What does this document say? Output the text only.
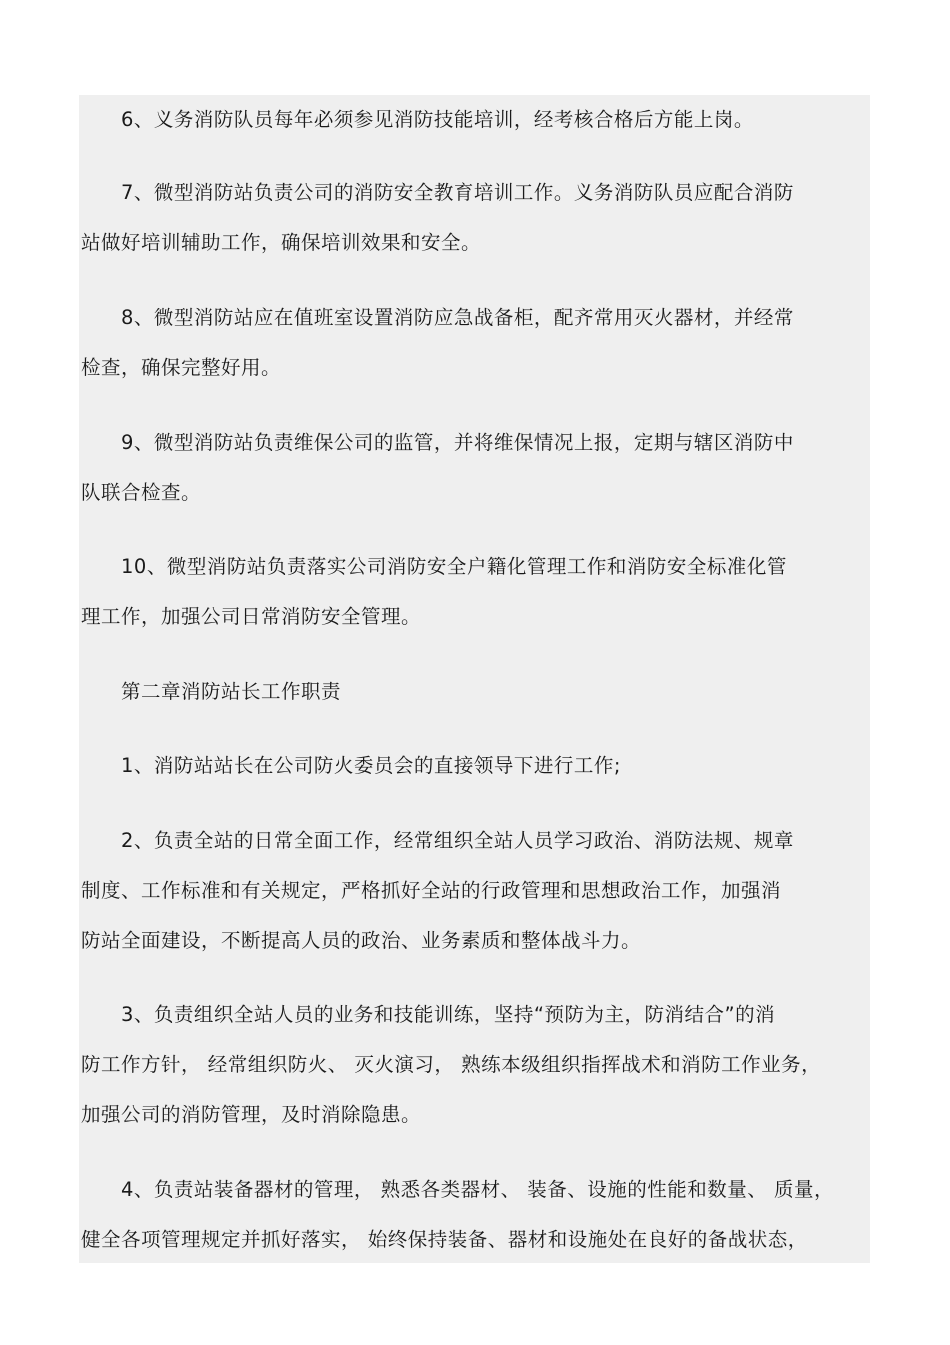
6、义务消防队员每年必须参见消防技能培训，经考核合格后方能上岗。

7、微型消防站负责公司的消防安全教育培训工作。义务消防队员应配合消防
站做好培训辅助工作，确保培训效果和安全。

8、微型消防站应在值班室设置消防应急战备柜，配齐常用灭火器材，并经常
检查，确保完整好用。

9、微型消防站负责维保公司的监管，并将维保情况上报，定期与辖区消防中
队联合检查。

10、微型消防站负责落实公司消防安全户籍化管理工作和消防安全标准化管
理工作，加强公司日常消防安全管理。

第二章消防站长工作职责

1、消防站站长在公司防火委员会的直接领导下进行工作;

2、负责全站的日常全面工作，经常组织全站人员学习政治、消防法规、规章
制度、工作标准和有关规定，严格抓好全站的行政管理和思想政治工作，加强消
防站全面建设，不断提高人员的政治、业务素质和整体战斗力。

3、负责组织全站人员的业务和技能训练，坚持“预防为主，防消结合”的消
防工作方针， 经常组织防火、 灭火演习， 熟练本级组织指挥战术和消防工作业务，
加强公司的消防管理，及时消除隐患。

4、负责站装备器材的管理， 熟悉各类器材、 装备、设施的性能和数量、 质量，
健全各项管理规定并抓好落实， 始终保持装备、器材和设施处在良好的备战状态，
